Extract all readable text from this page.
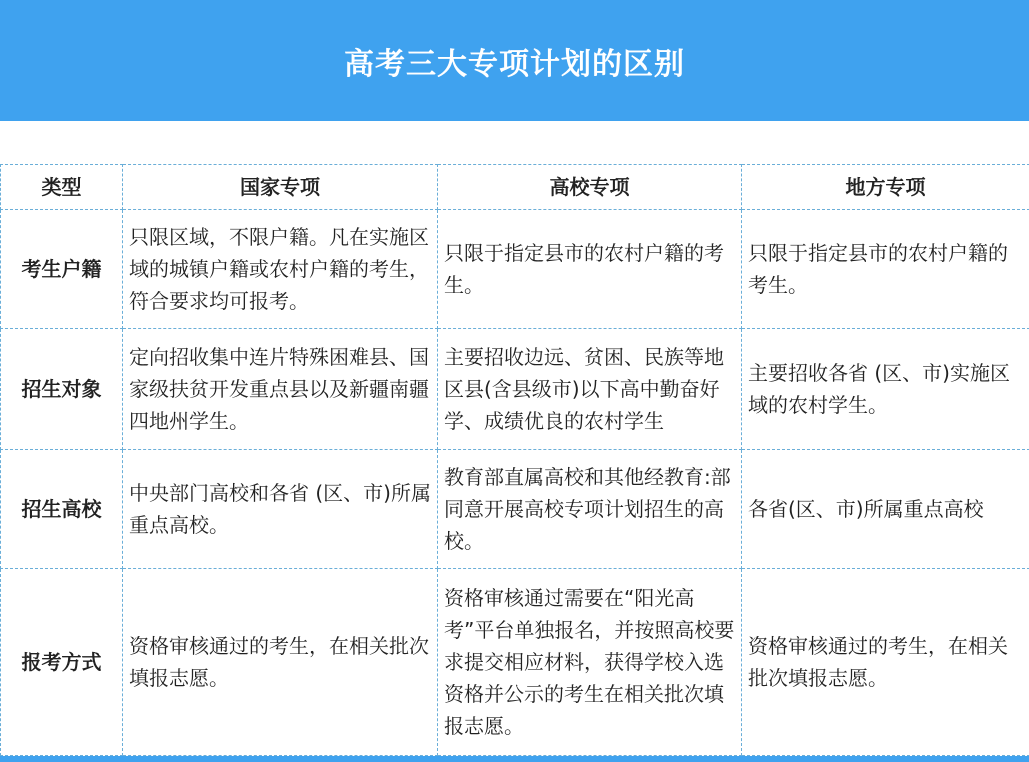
高考三大专项计划的区别
类型	国家专项	高校专项	地方专项
考生户籍	只限区域，不限户籍。凡在实施区域的城镇户籍或农村户籍的考生，符合要求均可报考。	只限于指定县市的农村户籍的考生。	只限于指定县市的农村户籍的考生。
招生对象	定向招收集中连片特殊困难县、国家级扶贫开发重点县以及新疆南疆四地州学生。	主要招收边远、贫困、民族等地区县(含县级市)以下高中勤奋好学、成绩优良的农村学生	主要招收各省 (区、市)实施区域的农村学生。
招生高校	中央部门高校和各省 (区、市)所属重点高校。	教育部直属高校和其他经教育:部同意开展高校专项计划招生的高校。	各省(区、市)所属重点高校
报考方式	资格审核通过的考生，在相关批次填报志愿。	资格审核通过需要在“阳光高考”平台单独报名，并按照高校要求提交相应材料，获得学校入选资格并公示的考生在相关批次填报志愿。	资格审核通过的考生，在相关批次填报志愿。
